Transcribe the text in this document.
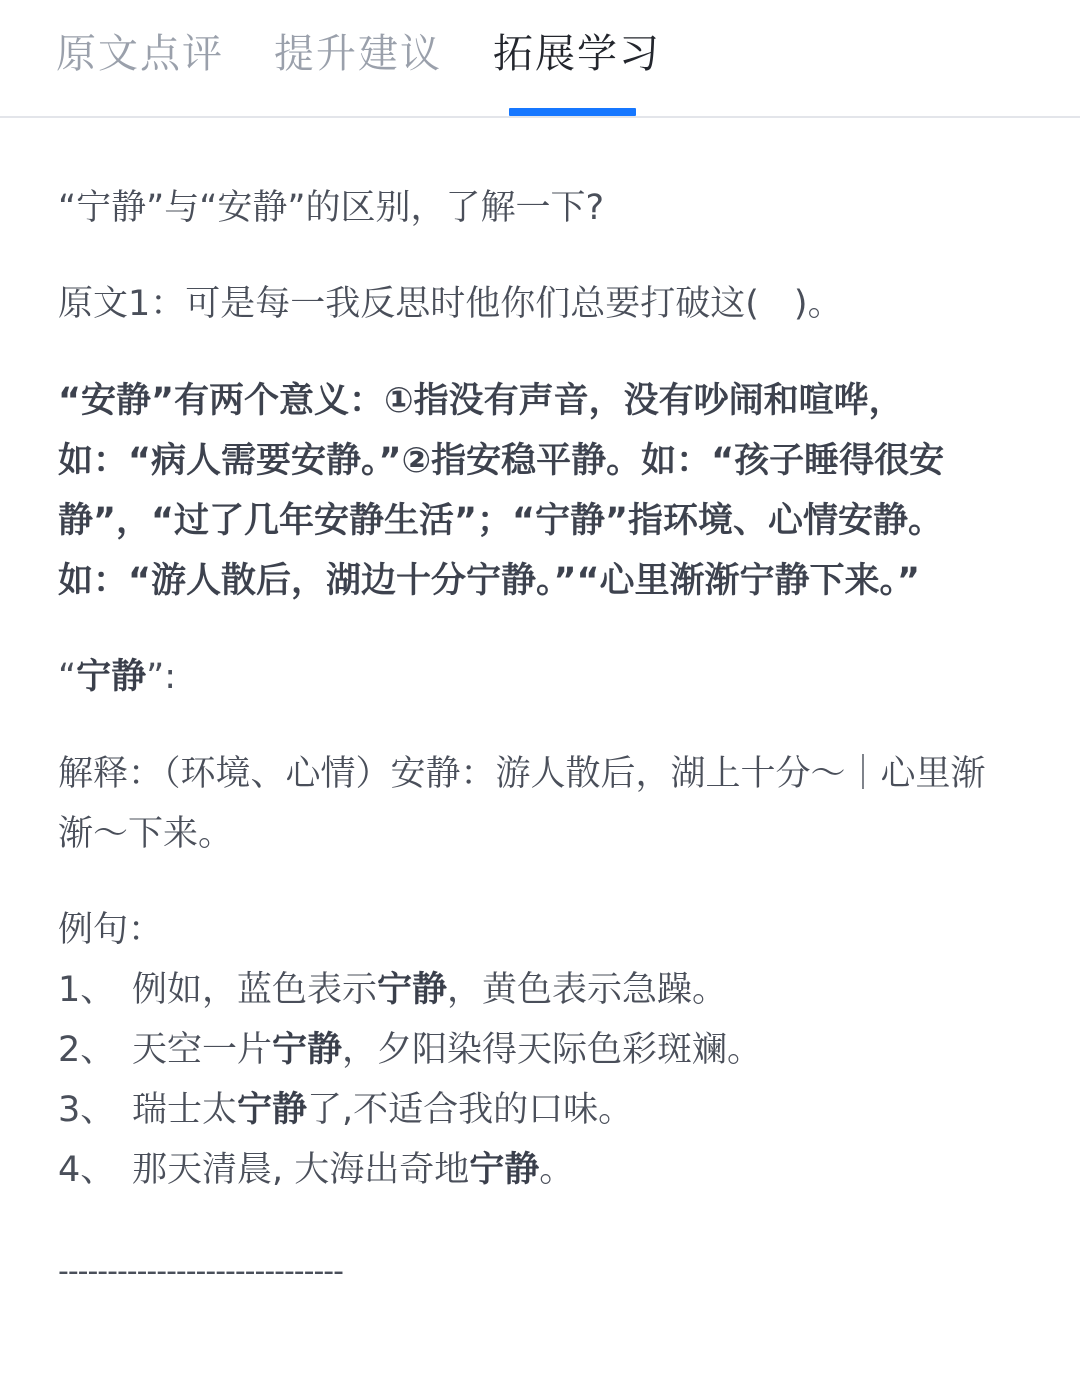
原文点评 提升建议 拓展学习

“宁静”与“安静”的区别，了解一下?

原文1：可是每一我反思时他你们总要打破这(　)。

“安静”有两个意义：①指没有声音，没有吵闹和喧哗，如：“病人需要安静。”②指安稳平静。如：“孩子睡得很安静”，“过了几年安静生活”；“宁静”指环境、心情安静。如：“游人散后，湖边十分宁静。”“心里渐渐宁静下来。”

“宁静”:

解释：（环境、心情）安静：游人散后，湖上十分～｜心里渐渐～下来。

例句：

1、 例如，蓝色表示宁静，黄色表示急躁。

2、 天空一片宁静，夕阳染得天际色彩斑斓。

3、 瑞士太宁静了,不适合我的口味。

4、 那天清晨, 大海出奇地宁静。

-----------------------------
